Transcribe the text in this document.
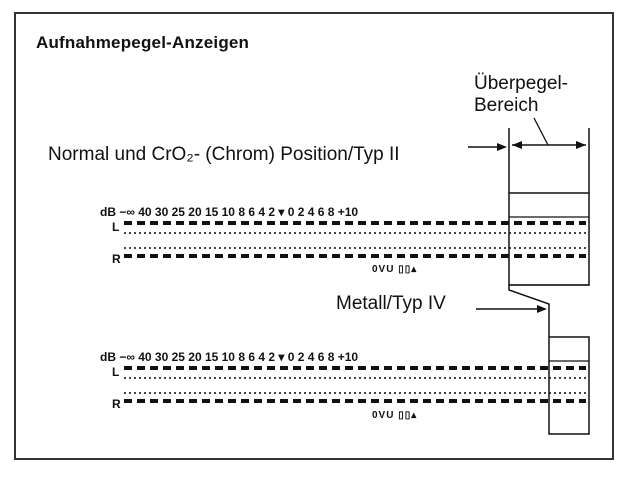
Aufnahmepegel-Anzeigen
Überpegel-
Bereich
Normal und CrO₂- (Chrom) Position/Typ II
Metall/Typ IV
dB −∞ 40 30 25 20 15 10 8 6 4 2 ▾ 0 2 4 6 8 +10
L
R
0VU ▯▯▴
dB −∞ 40 30 25 20 15 10 8 6 4 2 ▾ 0 2 4 6 8 +10
L
R
0VU ▯▯▴
